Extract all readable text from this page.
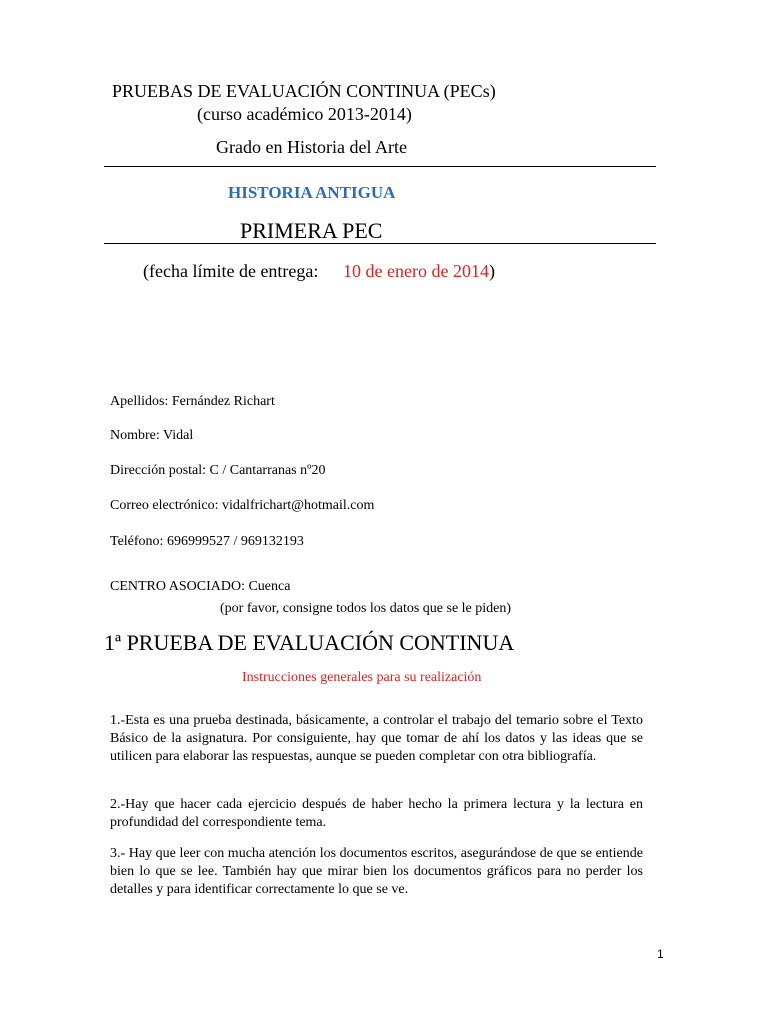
PRUEBAS DE EVALUACIÓN CONTINUA (PECs)
(curso académico 2013-2014)
Grado en Historia del Arte
HISTORIA ANTIGUA
PRIMERA PEC
(fecha límite de entrega: 10 de enero de 2014)
Apellidos: Fernández Richart
Nombre: Vidal
Dirección postal: C / Cantarranas nº20
Correo electrónico: vidalfrichart@hotmail.com
Teléfono: 696999527 / 969132193
CENTRO ASOCIADO: Cuenca
(por favor, consigne todos los datos que se le piden)
1ª PRUEBA DE EVALUACIÓN CONTINUA
Instrucciones generales para su realización
1.-Esta es una prueba destinada, básicamente, a controlar el trabajo del temario sobre el Texto Básico de la asignatura. Por consiguiente, hay que tomar de ahí los datos y las ideas que se utilicen para elaborar las respuestas, aunque se pueden completar con otra bibliografía.
2.-Hay que hacer cada ejercicio después de haber hecho la primera lectura y la lectura en profundidad del correspondiente tema.
3.- Hay que leer con mucha atención los documentos escritos, asegurándose de que se entiende bien lo que se lee. También hay que mirar bien los documentos gráficos para no perder los detalles y para identificar correctamente lo que se ve.
1
